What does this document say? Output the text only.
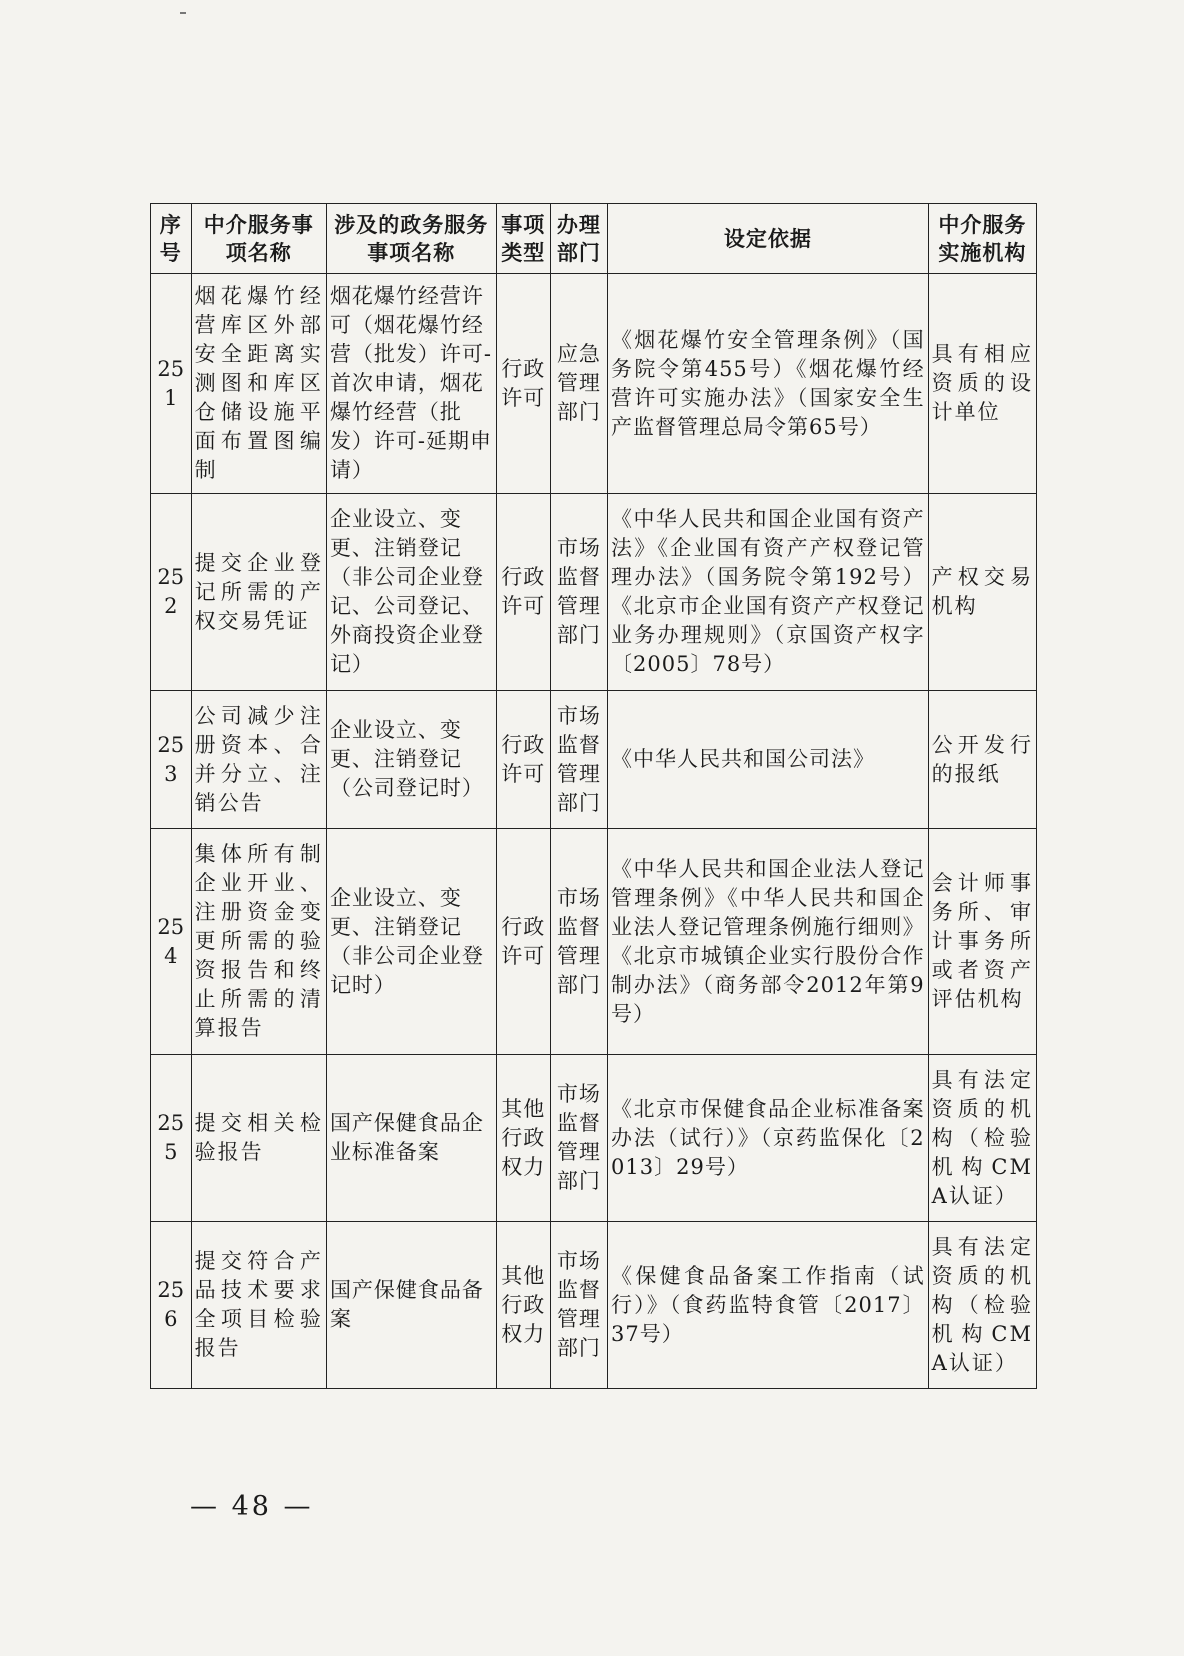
序号	中介服务事项名称	涉及的政务服务事项名称	事项类型	办理部门	设定依据	中介服务实施机构
251	烟花爆竹经营库区外部安全距离实测图和库区仓储设施平面布置图编制	烟花爆竹经营许可（烟花爆竹经营（批发）许可-首次申请，烟花爆竹经营（批发）许可-延期申请）	行政许可	应急管理部门	《烟花爆竹安全管理条例》（国务院令第455号）《烟花爆竹经营许可实施办法》（国家安全生产监督管理总局令第65号）	具有相应资质的设计单位
252	提交企业登记所需的产权交易凭证	企业设立、变更、注销登记（非公司企业登记、公司登记、外商投资企业登记）	行政许可	市场监督管理部门	《中华人民共和国企业国有资产法》《企业国有资产产权登记管理办法》（国务院令第192号）《北京市企业国有资产产权登记业务办理规则》（京国资产权字〔2005〕78号）	产权交易机构
253	公司减少注册资本、合并分立、注销公告	企业设立、变更、注销登记（公司登记时）	行政许可	市场监督管理部门	《中华人民共和国公司法》	公开发行的报纸
254	集体所有制企业开业、注册资金变更所需的验资报告和终止所需的清算报告	企业设立、变更、注销登记（非公司企业登记时）	行政许可	市场监督管理部门	《中华人民共和国企业法人登记管理条例》《中华人民共和国企业法人登记管理条例施行细则》《北京市城镇企业实行股份合作制办法》（商务部令2012年第9号）	会计师事务所、审计事务所或者资产评估机构
255	提交相关检验报告	国产保健食品企业标准备案	其他行政权力	市场监督管理部门	《北京市保健食品企业标准备案办法（试行）》（京药监保化〔2013〕29号）	具有法定资质的机构（检验机构CMA认证）
256	提交符合产品技术要求全项目检验报告	国产保健食品备案	其他行政权力	市场监督管理部门	《保健食品备案工作指南（试行）》（食药监特食管〔2017〕37号）	具有法定资质的机构（检验机构CMA认证）
— 48 —
